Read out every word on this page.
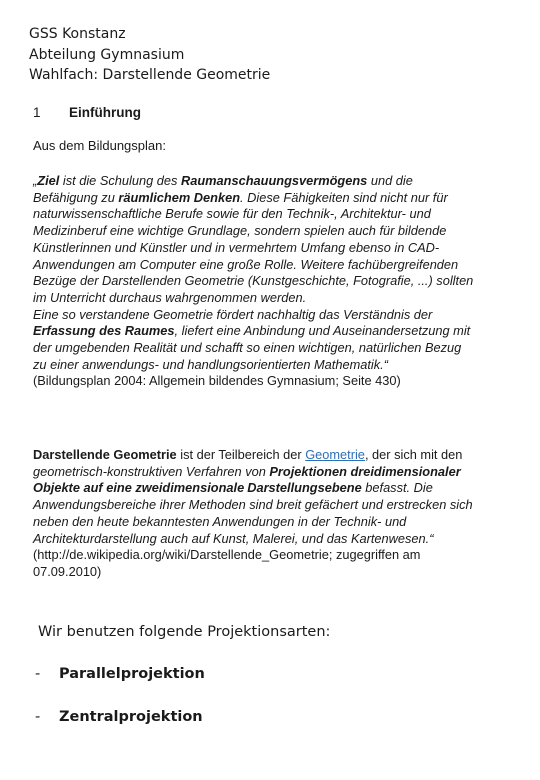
GSS Konstanz
Abteilung Gymnasium
Wahlfach: Darstellende Geometrie
1 Einführung
Aus dem Bildungsplan:
„Ziel ist die Schulung des Raumanschauungsvermögens und die
Befähigung zu räumlichem Denken. Diese Fähigkeiten sind nicht nur für
naturwissenschaftliche Berufe sowie für den Technik-, Architektur- und
Medizinberuf eine wichtige Grundlage, sondern spielen auch für bildende
Künstlerinnen und Künstler und in vermehrtem Umfang ebenso in CAD-
Anwendungen am Computer eine große Rolle. Weitere fachübergreifenden
Bezüge der Darstellenden Geometrie (Kunstgeschichte, Fotografie, ...) sollten
im Unterricht durchaus wahrgenommen werden.
Eine so verstandene Geometrie fördert nachhaltig das Verständnis der
Erfassung des Raumes, liefert eine Anbindung und Auseinandersetzung mit
der umgebenden Realität und schafft so einen wichtigen, natürlichen Bezug
zu einer anwendungs- und handlungsorientierten Mathematik.“
(Bildungsplan 2004: Allgemein bildendes Gymnasium; Seite 430)
Darstellende Geometrie ist der Teilbereich der Geometrie, der sich mit den
geometrisch-konstruktiven Verfahren von Projektionen dreidimensionaler
Objekte auf eine zweidimensionale Darstellungsebene befasst. Die
Anwendungsbereiche ihrer Methoden sind breit gefächert und erstrecken sich
neben den heute bekanntesten Anwendungen in der Technik- und
Architekturdarstellung auch auf Kunst, Malerei, und das Kartenwesen.“
(http://de.wikipedia.org/wiki/Darstellende_Geometrie; zugegriffen am
07.09.2010)
Wir benutzen folgende Projektionsarten:
- Parallelprojektion
- Zentralprojektion
